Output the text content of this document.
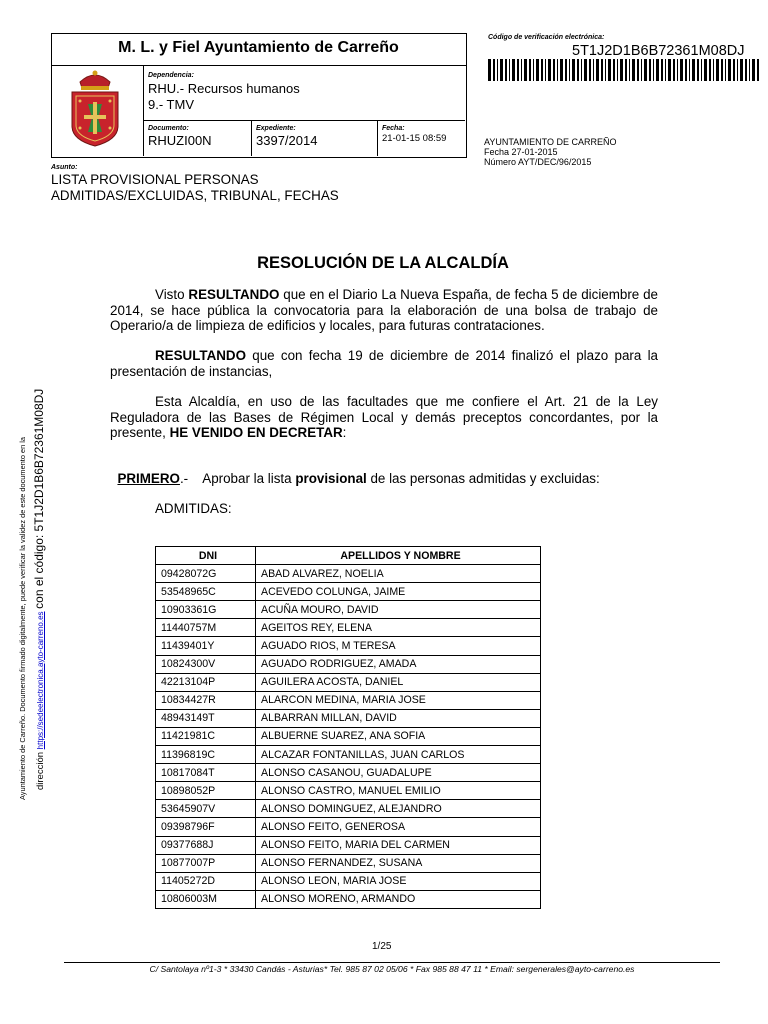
Ayuntamiento de Carreño. Documento firmado digitalmente, puede verificar la validez de este documento en la dirección https://sedeelectronica.ayto-carreno.es con el código: 5T1J2D1B6B72361M08DJ
M. L. y Fiel Ayuntamiento de Carreño
Dependencia:
RHU.- Recursos humanos
9.- TMV
Documento:
RHUZI00N
Expediente:
3397/2014
Fecha:
21-01-15 08:59
Código de verificación electrónica:
5T1J2D1B6B72361M08DJ
AYUNTAMIENTO DE CARREÑO
Fecha 27-01-2015
Número AYT/DEC/96/2015
Asunto:
LISTA PROVISIONAL PERSONAS
ADMITIDAS/EXCLUIDAS, TRIBUNAL, FECHAS
RESOLUCIÓN DE LA ALCALDÍA
Visto RESULTANDO que en el Diario La Nueva España, de fecha 5 de diciembre de 2014, se hace pública la convocatoria para la elaboración de una bolsa de trabajo de Operario/a de limpieza de edificios y locales, para futuras contrataciones.
RESULTANDO que con fecha 19 de diciembre de 2014 finalizó el plazo para la presentación de instancias,
Esta Alcaldía, en uso de las facultades que me confiere el Art. 21 de la Ley Reguladora de las Bases de Régimen Local y demás preceptos concordantes, por la presente, HE VENIDO EN DECRETAR:

PRIMERO.-    Aprobar la lista provisional de las personas admitidas y excluidas:

ADMITIDAS:
DNI	APELLIDOS Y NOMBRE
09428072G	ABAD ALVAREZ, NOELIA
53548965C	ACEVEDO COLUNGA, JAIME
10903361G	ACUÑA MOURO, DAVID
11440757M	AGEITOS REY, ELENA
11439401Y	AGUADO RIOS, M TERESA
10824300V	AGUADO RODRIGUEZ, AMADA
42213104P	AGUILERA ACOSTA, DANIEL
10834427R	ALARCON MEDINA, MARIA JOSE
48943149T	ALBARRAN MILLAN, DAVID
11421981C	ALBUERNE SUAREZ, ANA SOFIA
11396819C	ALCAZAR FONTANILLAS, JUAN CARLOS
10817084T	ALONSO CASANOU, GUADALUPE
10898052P	ALONSO CASTRO, MANUEL EMILIO
53645907V	ALONSO DOMINGUEZ, ALEJANDRO
09398796F	ALONSO FEITO, GENEROSA
09377688J	ALONSO FEITO, MARIA DEL CARMEN
10877007P	ALONSO FERNANDEZ, SUSANA
11405272D	ALONSO LEON, MARIA JOSE
10806003M	ALONSO MORENO, ARMANDO
1/25
C/ Santolaya nº1-3 * 33430 Candás - Asturias* Tel. 985 87 02 05/06 * Fax 985 88 47 11 * Email: sergenerales@ayto-carreno.es
